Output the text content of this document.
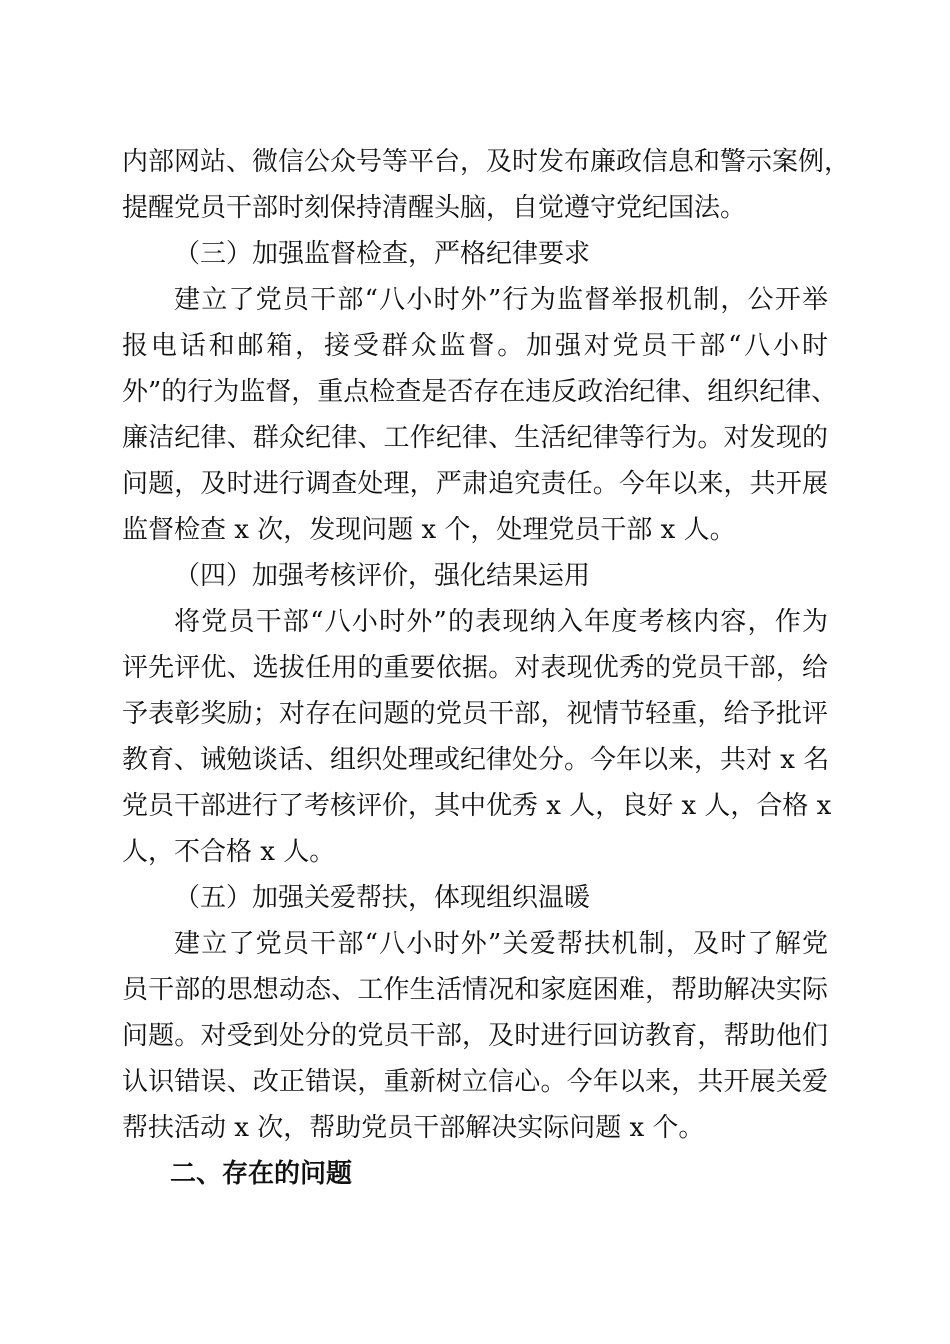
内部网站、微信公众号等平台，及时发布廉政信息和警示案例，
提醒党员干部时刻保持清醒头脑，自觉遵守党纪国法。
（三）加强监督检查，严格纪律要求
建立了党员干部“八小时外”行为监督举报机制，公开举
报电话和邮箱，接受群众监督。加强对党员干部“八小时
外”的行为监督，重点检查是否存在违反政治纪律、组织纪律、
廉洁纪律、群众纪律、工作纪律、生活纪律等行为。对发现的
问题，及时进行调查处理，严肃追究责任。今年以来，共开展
监督检查 x 次，发现问题 x 个，处理党员干部 x 人。
（四）加强考核评价，强化结果运用
将党员干部“八小时外”的表现纳入年度考核内容，作为
评先评优、选拔任用的重要依据。对表现优秀的党员干部，给
予表彰奖励；对存在问题的党员干部，视情节轻重，给予批评
教育、诫勉谈话、组织处理或纪律处分。今年以来，共对 x 名
党员干部进行了考核评价，其中优秀 x 人，良好 x 人，合格 x
人，不合格 x 人。
（五）加强关爱帮扶，体现组织温暖
建立了党员干部“八小时外”关爱帮扶机制，及时了解党
员干部的思想动态、工作生活情况和家庭困难，帮助解决实际
问题。对受到处分的党员干部，及时进行回访教育，帮助他们
认识错误、改正错误，重新树立信心。今年以来，共开展关爱
帮扶活动 x 次，帮助党员干部解决实际问题 x 个。
二、存在的问题
